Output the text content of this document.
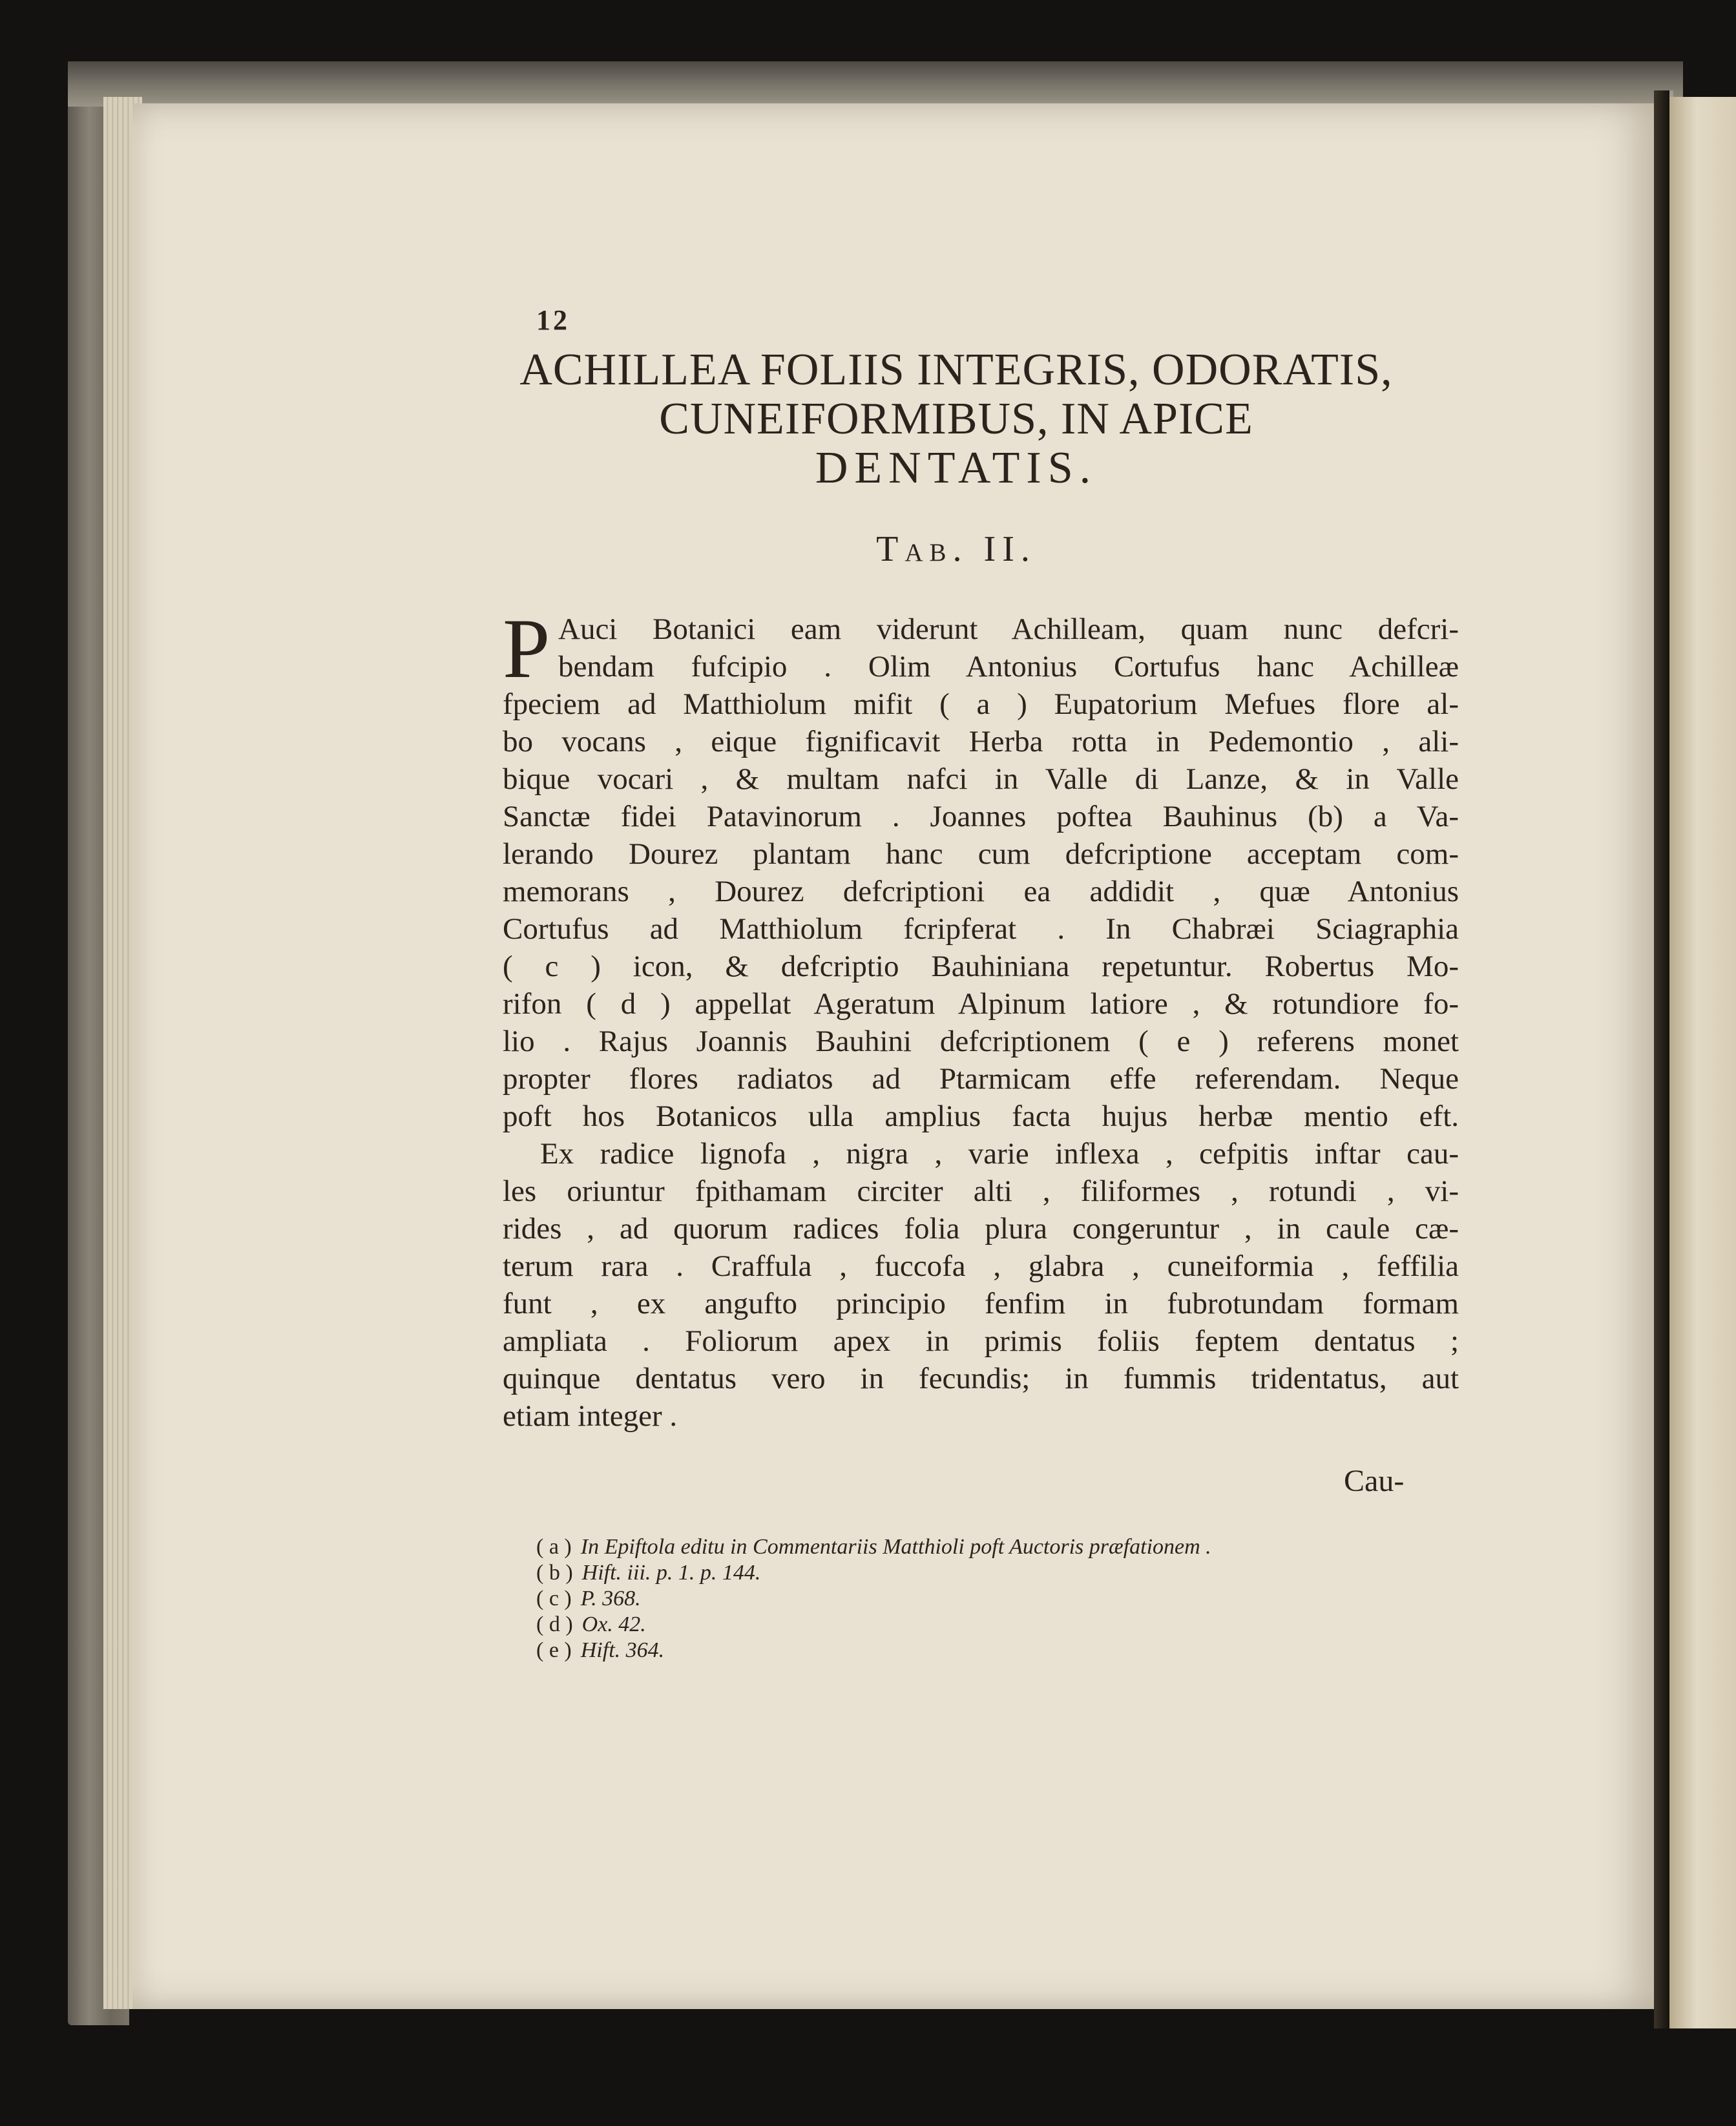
12
ACHILLEA FOLIIS INTEGRIS, ODORATIS,
CUNEIFORMIBUS, IN APICE
DENTATIS.
Tab. II.
P Auci Botanici eam viderunt Achilleam, quam nunc defcri-
bendam fufcipio . Olim Antonius Cortufus hanc Achilleæ
fpeciem ad Matthiolum mifit ( a ) Eupatorium Mefues flore al-
bo vocans , eique fignificavit Herba rotta in Pedemontio , ali-
bique vocari , & multam nafci in Valle di Lanze, & in Valle
Sanctæ fidei Patavinorum . Joannes poftea Bauhinus (b) a Va-
lerando Dourez plantam hanc cum defcriptione acceptam com-
memorans , Dourez defcriptioni ea addidit , quæ Antonius
Cortufus ad Matthiolum fcripferat . In Chabræi Sciagraphia
( c ) icon, & defcriptio Bauhiniana repetuntur. Robertus Mo-
rifon ( d ) appellat Ageratum Alpinum latiore , & rotundiore fo-
lio . Rajus Joannis Bauhini defcriptionem ( e ) referens monet
propter flores radiatos ad Ptarmicam effe referendam. Neque
poft hos Botanicos ulla amplius facta hujus herbæ mentio eft.
Ex radice lignofa , nigra , varie inflexa , cefpitis inftar cau-
les oriuntur fpithamam circiter alti , filiformes , rotundi , vi-
rides , ad quorum radices folia plura congeruntur , in caule cæ-
terum rara . Craffula , fuccofa , glabra , cuneiformia , feffilia
funt , ex angufto principio fenfim in fubrotundam formam
ampliata . Foliorum apex in primis foliis feptem dentatus ;
quinque dentatus vero in fecundis; in fummis tridentatus, aut
etiam integer .
Cau-
( a ) In Epiftola editu in Commentariis Matthioli poft Auctoris præfationem .
( b ) Hift. iii. p. 1. p. 144.
( c ) P. 368.
( d ) Ox. 42.
( e ) Hift. 364.
